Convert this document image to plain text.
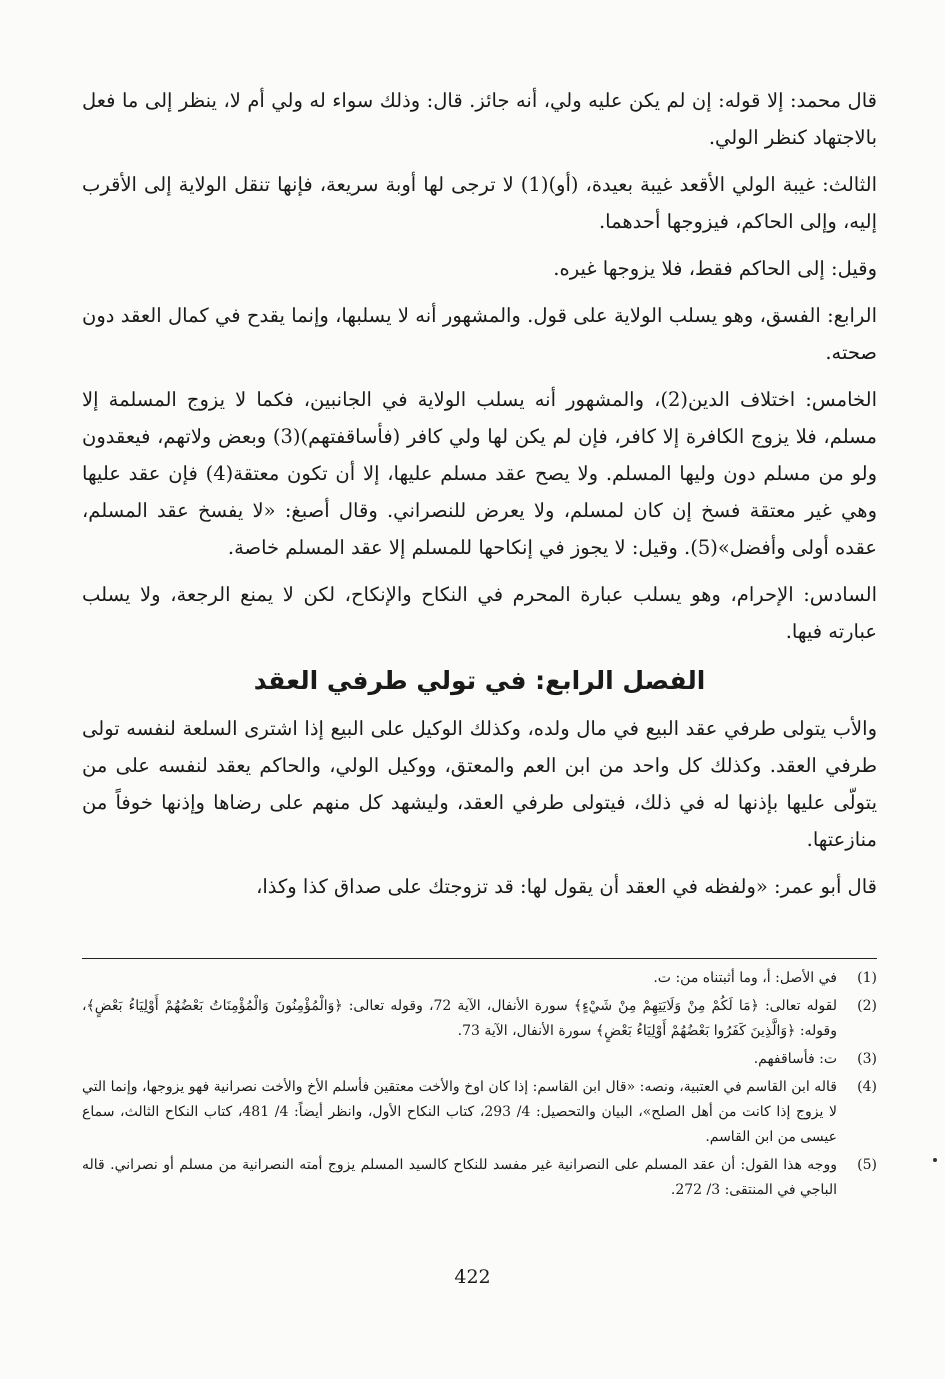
قال محمد: إلا قوله: إن لم يكن عليه ولي، أنه جائز. قال: وذلك سواء له ولي أم لا، ينظر إلى ما فعل بالاجتهاد كنظر الولي.

الثالث: غيبة الولي الأقعد غيبة بعيدة، (أو)(1) لا ترجى لها أوبة سريعة، فإنها تنقل الولاية إلى الأقرب إليه، وإلى الحاكم، فيزوجها أحدهما.

وقيل: إلى الحاكم فقط، فلا يزوجها غيره.

الرابع: الفسق، وهو يسلب الولاية على قول. والمشهور أنه لا يسلبها، وإنما يقدح في كمال العقد دون صحته.

الخامس: اختلاف الدين(2)، والمشهور أنه يسلب الولاية في الجانبين، فكما لا يزوج المسلمة إلا مسلم، فلا يزوج الكافرة إلا كافر، فإن لم يكن لها ولي كافر (فأساقفتهم)(3) وبعض ولاتهم، فيعقدون ولو من مسلم دون وليها المسلم. ولا يصح عقد مسلم عليها، إلا أن تكون معتقة(4) فإن عقد عليها وهي غير معتقة فسخ إن كان لمسلم، ولا يعرض للنصراني. وقال أصبغ: «لا يفسخ عقد المسلم، عقده أولى وأفضل»(5). وقيل: لا يجوز في إنكاحها للمسلم إلا عقد المسلم خاصة.

السادس: الإحرام، وهو يسلب عبارة المحرم في النكاح والإنكاح، لكن لا يمنع الرجعة، ولا يسلب عبارته فيها.

الفصل الرابع: في تولي طرفي العقد

والأب يتولى طرفي عقد البيع في مال ولده، وكذلك الوكيل على البيع إذا اشترى السلعة لنفسه تولى طرفي العقد. وكذلك كل واحد من ابن العم والمعتق، ووكيل الولي، والحاكم يعقد لنفسه على من يتولّى عليها بإذنها له في ذلك، فيتولى طرفي العقد، وليشهد كل منهم على رضاها وإذنها خوفاً من منازعتها.

قال أبو عمر: «ولفظه في العقد أن يقول لها: قد تزوجتك على صداق كذا وكذا،

(1)
في الأصل: أ، وما أثبتناه من: ت.
(2)
لقوله تعالى: ﴿مَا لَكُمْ مِنْ وَلَايَتِهِمْ مِنْ شَيْءٍ﴾ سورة الأنفال، الآية 72، وقوله تعالى: ﴿وَالْمُؤْمِنُونَ وَالْمُؤْمِنَاتُ بَعْضُهُمْ أَوْلِيَاءُ بَعْضٍ﴾، وقوله: ﴿وَالَّذِينَ كَفَرُوا بَعْضُهُمْ أَوْلِيَاءُ بَعْضٍ﴾ سورة الأنفال، الآية 73.
(3)
ت: فأساقفهم.
(4)
قاله ابن القاسم في العتبية، ونصه: «قال ابن القاسم: إذا كان اوخ والأخت معتقين فأسلم الأخ والأخت نصرانية فهو يزوجها، وإنما التي لا يزوج إذا كانت من أهل الصلح»، البيان والتحصيل: 4/ 293، كتاب النكاح الأول، وانظر أيضاً: 4/ 481، كتاب النكاح الثالث، سماع عيسى من ابن القاسم.
(5)
ووجه هذا القول: أن عقد المسلم على النصرانية غير مفسد للنكاح كالسيد المسلم يزوج أمته النصرانية من مسلم أو نصراني. قاله الباجي في المنتقى: 3/ 272.
422
